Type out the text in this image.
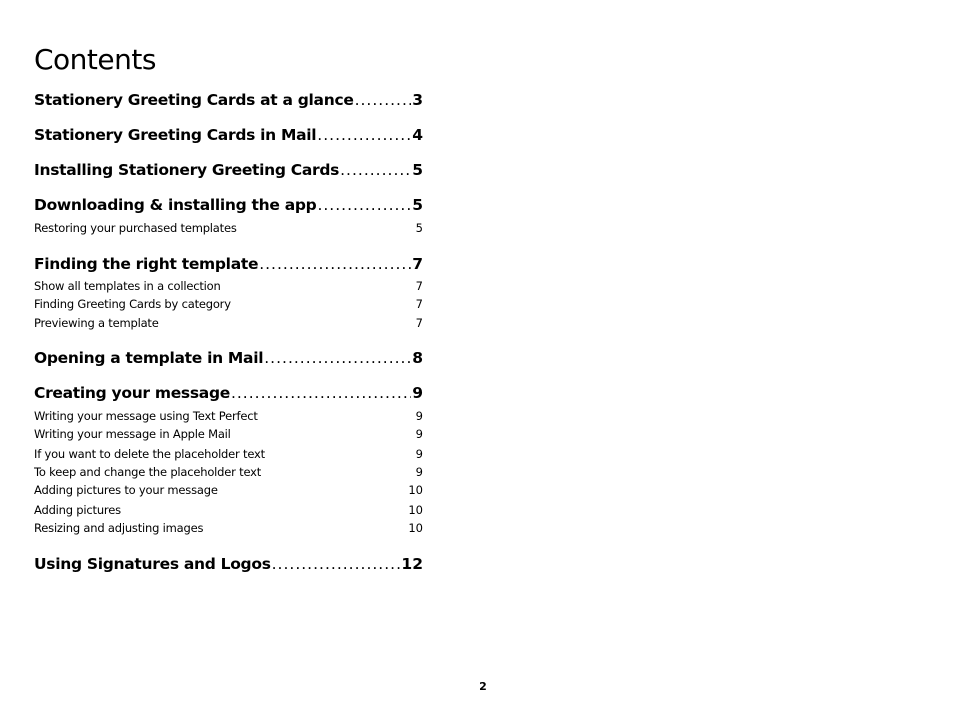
Contents
Stationery Greeting Cards at a glance .....	3
Stationery Greeting Cards in Mail .....	4
Installing Stationery Greeting Cards .....	5
Downloading & installing the app .....	5
Restoring your purchased templates	5
Finding the right template .....	7
Show all templates in a collection	7
Finding Greeting Cards by category	7
Previewing a template	7
Opening a template in Mail .....	8
Creating your message .....	9
Writing your message using Text Perfect	9
Writing your message in Apple Mail	9
If you want to delete the placeholder text	9
To keep and change the placeholder text	9
Adding pictures to your message	10
Adding pictures	10
Resizing and adjusting images	10
Using Signatures and Logos .....	12
2
